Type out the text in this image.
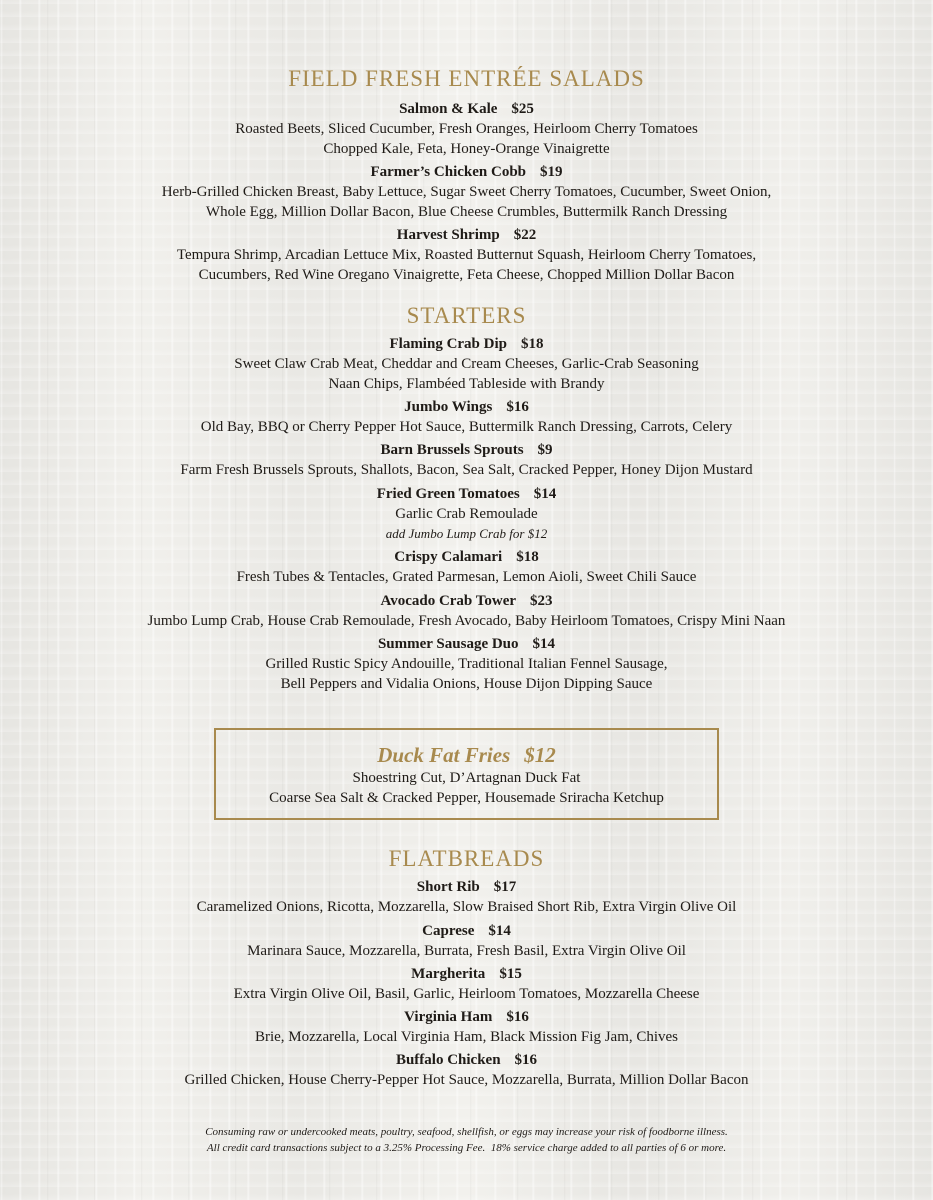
FIELD FRESH ENTRÉE SALADS
Salmon & Kale $25
Roasted Beets, Sliced Cucumber, Fresh Oranges, Heirloom Cherry Tomatoes
Chopped Kale, Feta, Honey-Orange Vinaigrette
Farmer’s Chicken Cobb $19
Herb-Grilled Chicken Breast, Baby Lettuce, Sugar Sweet Cherry Tomatoes, Cucumber, Sweet Onion,
Whole Egg, Million Dollar Bacon, Blue Cheese Crumbles, Buttermilk Ranch Dressing
Harvest Shrimp $22
Tempura Shrimp, Arcadian Lettuce Mix, Roasted Butternut Squash, Heirloom Cherry Tomatoes,
Cucumbers, Red Wine Oregano Vinaigrette, Feta Cheese, Chopped Million Dollar Bacon
STARTERS
Flaming Crab Dip $18
Sweet Claw Crab Meat, Cheddar and Cream Cheeses, Garlic-Crab Seasoning
Naan Chips, Flambéed Tableside with Brandy
Jumbo Wings $16
Old Bay, BBQ or Cherry Pepper Hot Sauce, Buttermilk Ranch Dressing, Carrots, Celery
Barn Brussels Sprouts $9
Farm Fresh Brussels Sprouts, Shallots, Bacon, Sea Salt, Cracked Pepper, Honey Dijon Mustard
Fried Green Tomatoes $14
Garlic Crab Remoulade
add Jumbo Lump Crab for $12
Crispy Calamari $18
Fresh Tubes & Tentacles, Grated Parmesan, Lemon Aioli, Sweet Chili Sauce
Avocado Crab Tower $23
Jumbo Lump Crab, House Crab Remoulade, Fresh Avocado, Baby Heirloom Tomatoes, Crispy Mini Naan
Summer Sausage Duo $14
Grilled Rustic Spicy Andouille, Traditional Italian Fennel Sausage,
Bell Peppers and Vidalia Onions, House Dijon Dipping Sauce
Duck Fat Fries $12
Shoestring Cut, D’Artagnan Duck Fat
Coarse Sea Salt & Cracked Pepper, Housemade Sriracha Ketchup
FLATBREADS
Short Rib $17
Caramelized Onions, Ricotta, Mozzarella, Slow Braised Short Rib, Extra Virgin Olive Oil
Caprese $14
Marinara Sauce, Mozzarella, Burrata, Fresh Basil, Extra Virgin Olive Oil
Margherita $15
Extra Virgin Olive Oil, Basil, Garlic, Heirloom Tomatoes, Mozzarella Cheese
Virginia Ham $16
Brie, Mozzarella, Local Virginia Ham, Black Mission Fig Jam, Chives
Buffalo Chicken $16
Grilled Chicken, House Cherry-Pepper Hot Sauce, Mozzarella, Burrata, Million Dollar Bacon
Consuming raw or undercooked meats, poultry, seafood, shellfish, or eggs may increase your risk of foodborne illness.
All credit card transactions subject to a 3.25% Processing Fee.  18% service charge added to all parties of 6 or more.
